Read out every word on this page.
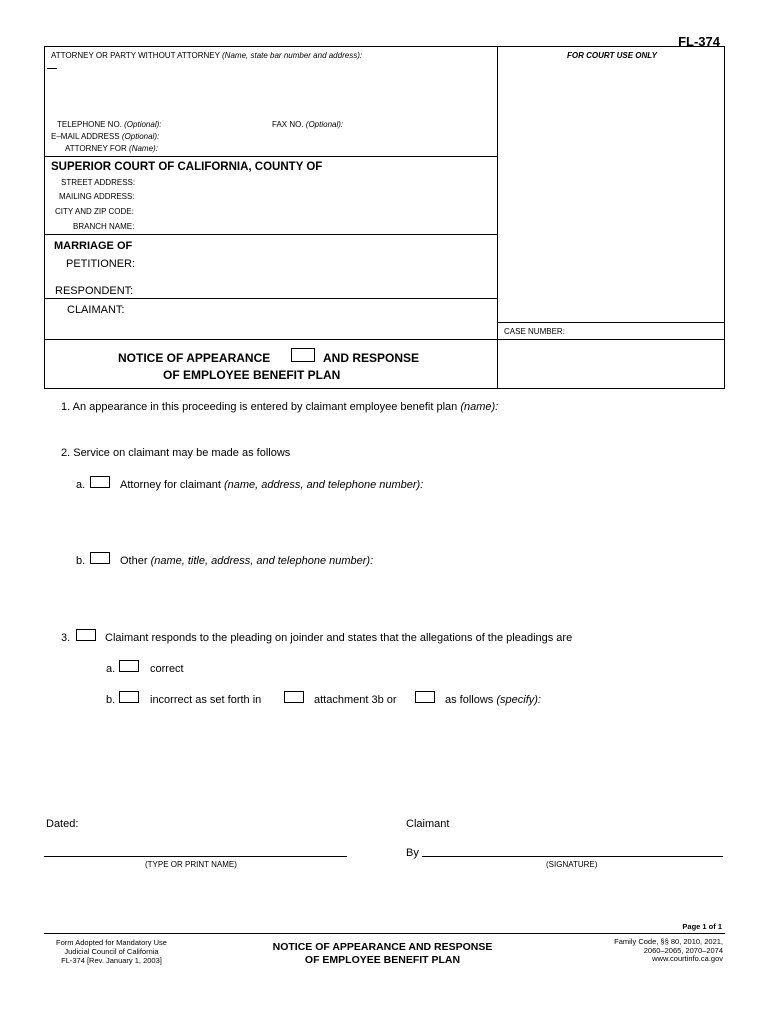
FL-374
ATTORNEY OR PARTY WITHOUT ATTORNEY (Name, state bar number and address):	FOR COURT USE ONLY
TELEPHONE NO. (Optional):	FAX NO. (Optional):
E–MAIL ADDRESS (Optional):
ATTORNEY FOR (Name):
SUPERIOR COURT OF CALIFORNIA, COUNTY OF
STREET ADDRESS:
MAILING ADDRESS:
CITY AND ZIP CODE:
BRANCH NAME:
MARRIAGE OF
PETITIONER:
RESPONDENT:
CLAIMANT:
CASE NUMBER:
NOTICE OF APPEARANCE	AND RESPONSE
OF EMPLOYEE BENEFIT PLAN
1. An appearance in this proceeding is entered by claimant employee benefit plan (name):
2. Service on claimant may be made as follows
a.	Attorney for claimant (name, address, and telephone number):
b.	Other (name, title, address, and telephone number):
3.	Claimant responds to the pleading on joinder and states that the allegations of the pleadings are
a.	correct
b.	incorrect as set forth in	attachment 3b or	as follows (specify):
Dated:	Claimant
By
(TYPE OR PRINT NAME)	(SIGNATURE)
Page 1 of 1
Form Adopted for Mandatory Use
Judicial Council of California
FL-374 [Rev. January 1, 2003]
NOTICE OF APPEARANCE AND RESPONSE
OF EMPLOYEE BENEFIT PLAN
Family Code, §§ 80, 2010, 2021,
2060–2065, 2070–2074
www.courtinfo.ca.gov
